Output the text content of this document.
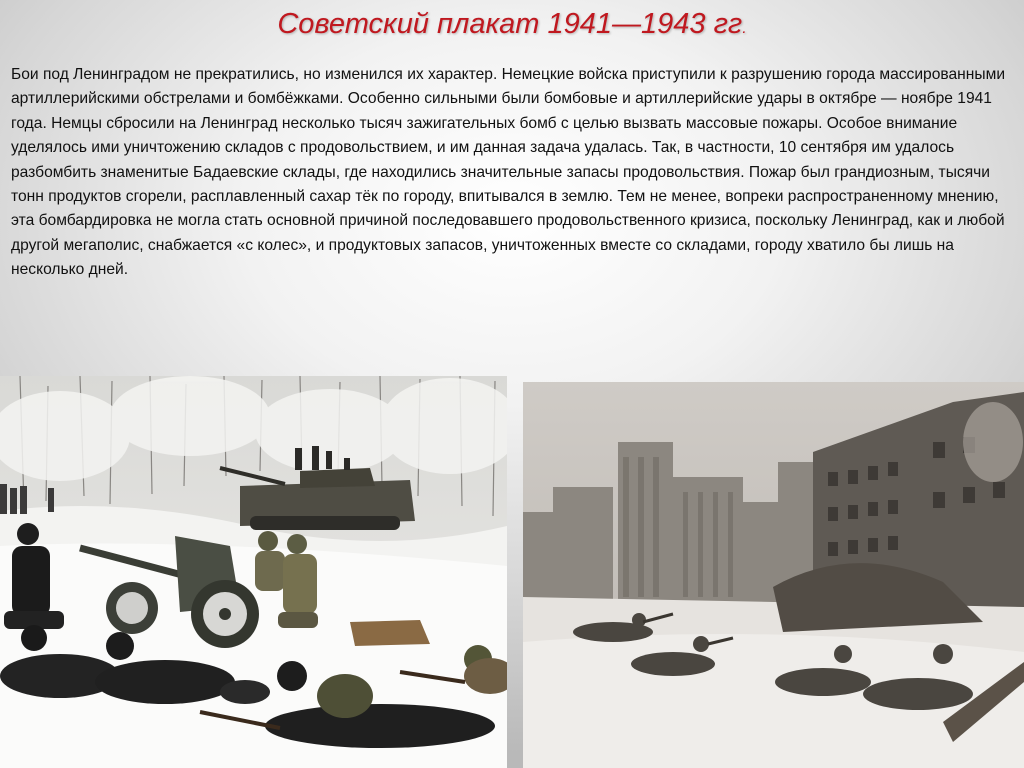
Советский плакат 1941—1943 гг.
Бои под Ленинградом не прекратились, но изменился их характер. Немецкие войска приступили к разрушению города массированными артиллерийскими обстрелами и бомбёжками. Особенно сильными были бомбовые и артиллерийские удары в октябре — ноябре 1941 года. Немцы сбросили на Ленинград несколько тысяч зажигательных бомб с целью вызвать массовые пожары. Особое внимание уделялось ими уничтожению складов с продовольствием, и им данная задача удалась. Так, в частности, 10 сентября им удалось разбомбить знаменитые Бадаевские склады, где находились значительные запасы продовольствия. Пожар был грандиозным, тысячи тонн продуктов сгорели, расплавленный сахар тёк по городу, впитывался в землю. Тем не менее, вопреки распространенному мнению, эта бомбардировка не могла стать основной причиной последовавшего продовольственного кризиса, поскольку Ленинград, как и любой другой мегаполис, снабжается «с колес», и продуктовых запасов, уничтоженных вместе со складами, городу хватило бы лишь на несколько дней.
